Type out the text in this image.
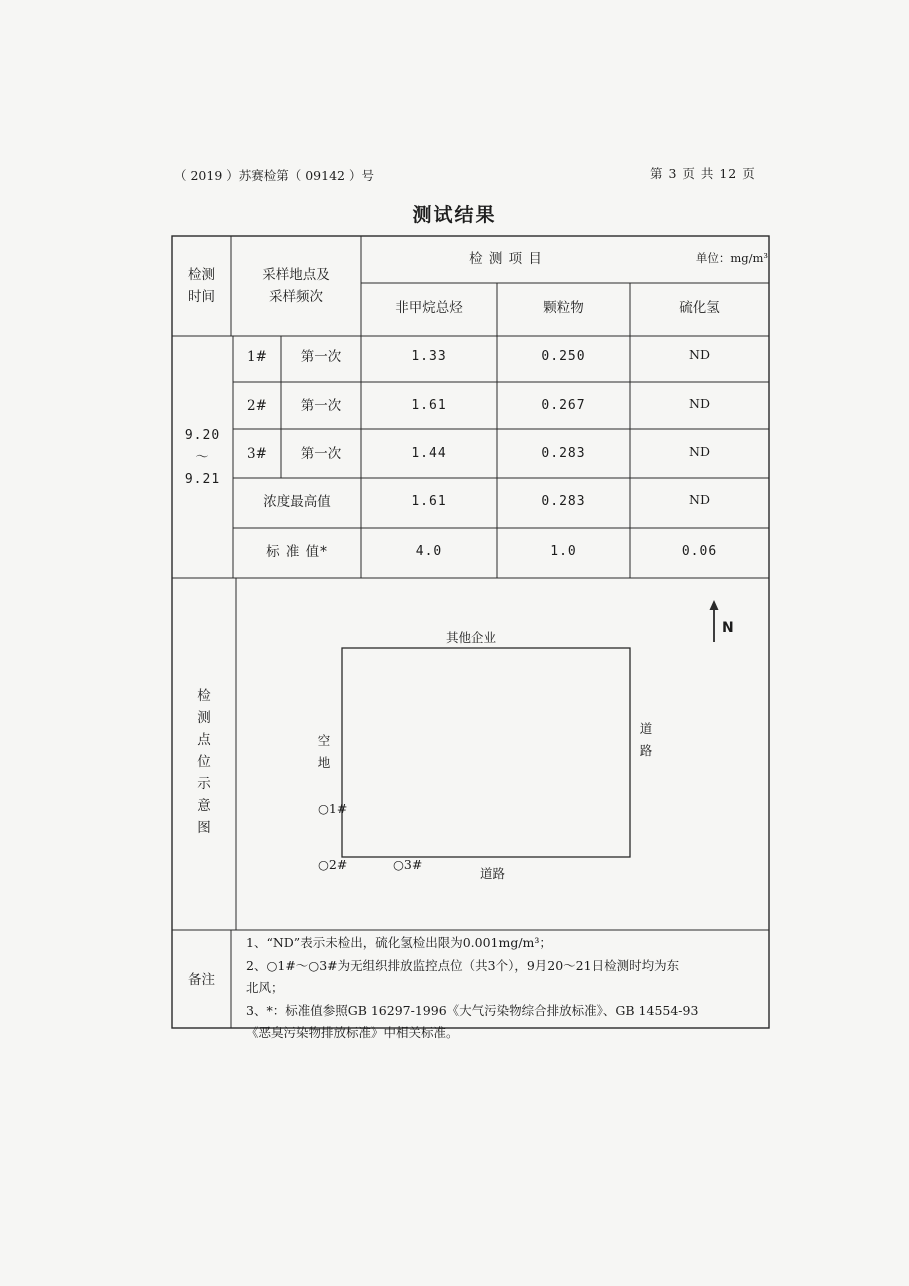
（ 2019 ）苏赛检第（ 09142 ）号	第 3 页 共 12 页
测试结果
检测
时间
采样地点及
采样频次
检 测 项 目	单位：mg/m³
非甲烷总烃	颗粒物	硫化氢
9.20
～
9.21
1#	第一次	1.33	0.250	ND
2#	第一次	1.61	0.267	ND
3#	第一次	1.44	0.283	ND
浓度最高值	1.61	0.283	ND
标 准 值*	4.0	1.0	0.06
检测点位示意图
N
其他企业
空地
道路
道路
○1#
○2#	○3#
备注
1、“ND”表示未检出，硫化氢检出限为0.001mg/m³；
2、○1#～○3#为无组织排放监控点位（共3个），9月20～21日检测时均为东
北风；
3、*：标准值参照GB 16297-1996《大气污染物综合排放标准》、GB 14554-93
《恶臭污染物排放标准》中相关标准。
